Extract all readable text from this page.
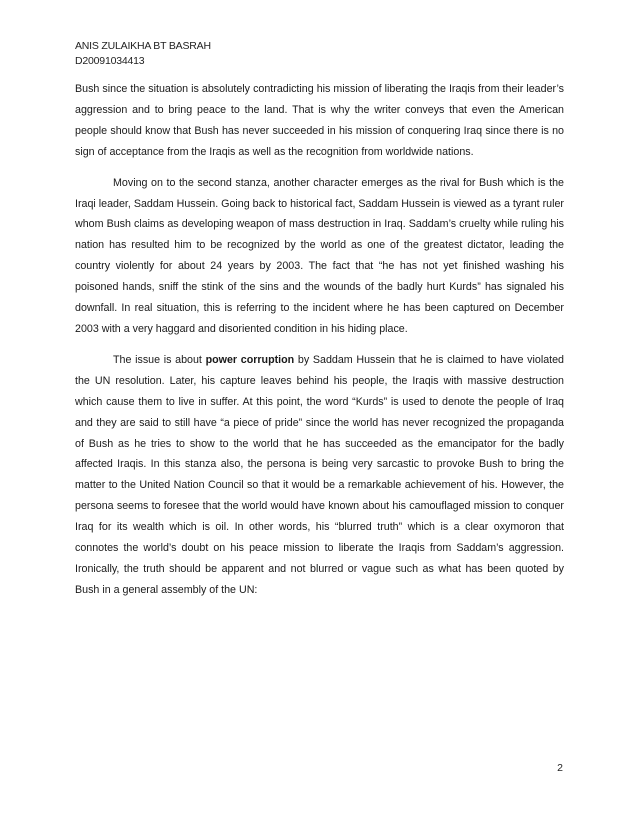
ANIS ZULAIKHA BT BASRAH
D20091034413

Bush since the situation is absolutely contradicting his mission of liberating the Iraqis from their leader’s aggression and to bring peace to the land. That is why the writer conveys that even the American people should know that Bush has never succeeded in his mission of conquering Iraq since there is no sign of acceptance from the Iraqis as well as the recognition from worldwide nations.

Moving on to the second stanza, another character emerges as the rival for Bush which is the Iraqi leader, Saddam Hussein. Going back to historical fact, Saddam Hussein is viewed as a tyrant ruler whom Bush claims as developing weapon of mass destruction in Iraq. Saddam’s cruelty while ruling his nation has resulted him to be recognized by the world as one of the greatest dictator, leading the country violently for about 24 years by 2003. The fact that “he has not yet finished washing his poisoned hands, sniff the stink of the sins and the wounds of the badly hurt Kurds” has signaled his downfall. In real situation, this is referring to the incident where he has been captured on December 2003 with a very haggard and disoriented condition in his hiding place.

The issue is about power corruption by Saddam Hussein that he is claimed to have violated the UN resolution. Later, his capture leaves behind his people, the Iraqis with massive destruction which cause them to live in suffer. At this point, the word “Kurds” is used to denote the people of Iraq and they are said to still have “a piece of pride” since the world has never recognized the propaganda of Bush as he tries to show to the world that he has succeeded as the emancipator for the badly affected Iraqis. In this stanza also, the persona is being very sarcastic to provoke Bush to bring the matter to the United Nation Council so that it would be a remarkable achievement of his. However, the persona seems to foresee that the world would have known about his camouflaged mission to conquer Iraq for its wealth which is oil. In other words, his “blurred truth” which is a clear oxymoron that connotes the world’s doubt on his peace mission to liberate the Iraqis from Saddam’s aggression. Ironically, the truth should be apparent and not blurred or vague such as what has been quoted by Bush in a general assembly of the UN:

2
